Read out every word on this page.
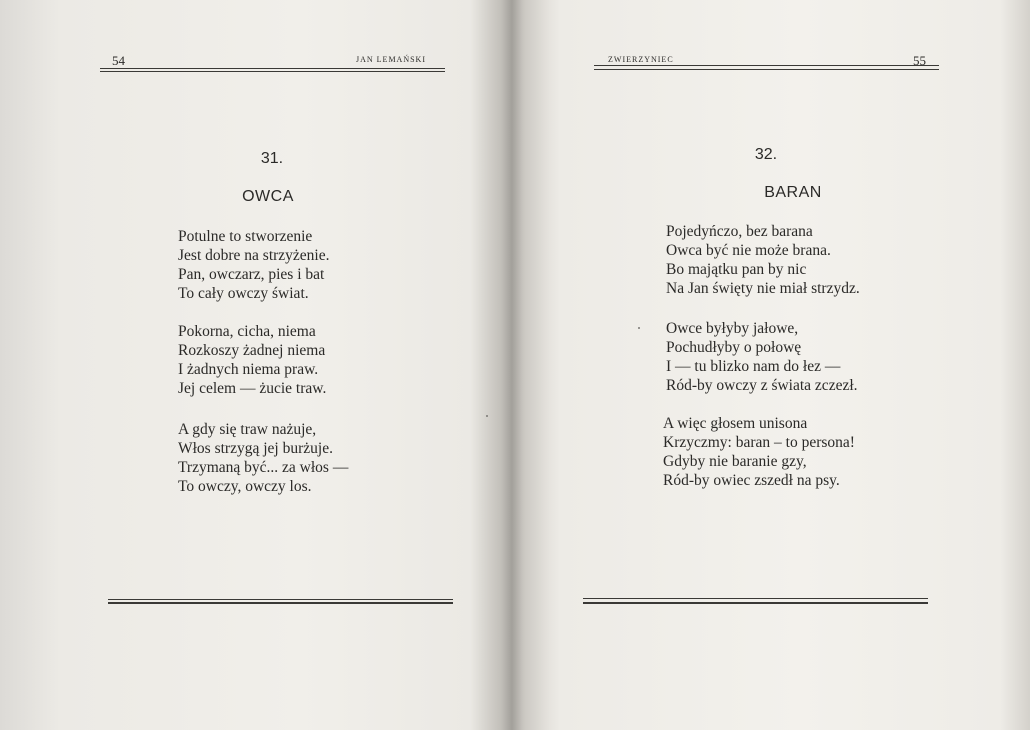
54	JAN LEMAŃSKI
31.
OWCA
Potulne to stworzenie
Jest dobre na strzyżenie.
Pan, owczarz, pies i bat
To cały owczy świat.
Pokorna, cicha, niema
Rozkoszy żadnej niema
I żadnych niema praw.
Jej celem — żucie traw.
A gdy się traw nażuje,
Włos strzygą jej burżuje.
Trzymaną być... za włos —
To owczy, owczy los.
ZWIERZYNIEC	55
32.
BARAN
Pojedyńczo, bez barana
Owca być nie może brana.
Bo majątku pan by nic
Na Jan święty nie miał strzydz.
Owce byłyby jałowe,
Pochudłyby o połowę
I — tu blizko nam do łez —
Ród-by owczy z świata zczezł.
A więc głosem unisona
Krzyczmy: baran – to persona!
Gdyby nie baranie gzy,
Ród-by owiec zszedł na psy.
